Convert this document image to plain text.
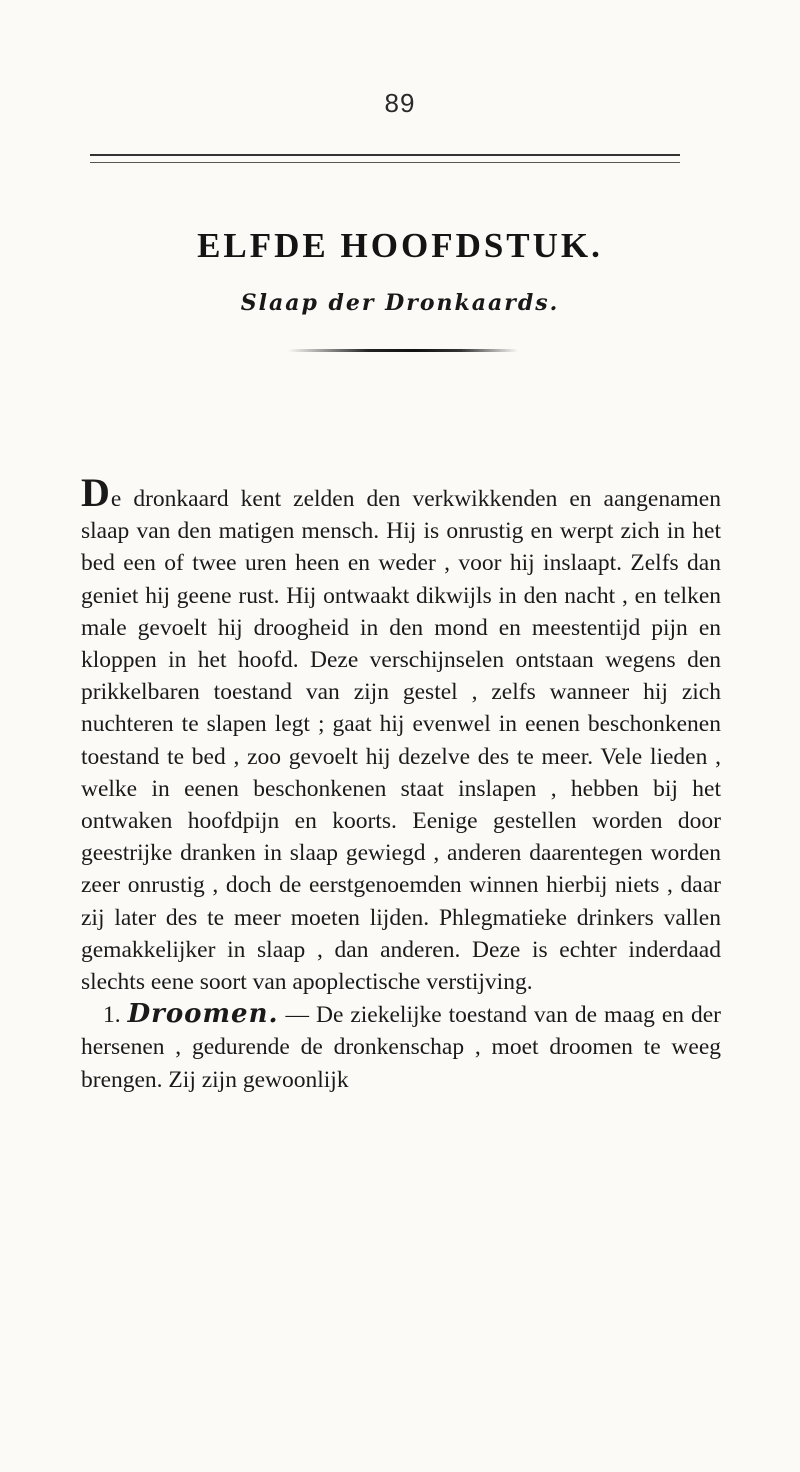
89
ELFDE HOOFDSTUK.
Slaap der Dronkaards.

De dronkaard kent zelden den verkwikkenden en aangenamen slaap van den matigen mensch. Hij is onrustig en werpt zich in het bed een of twee uren heen en weder , voor hij inslaapt. Zelfs dan geniet hij geene rust. Hij ontwaakt dikwijls in den nacht , en telken male gevoelt hij droogheid in den mond en meestentijd pijn en kloppen in het hoofd. Deze verschijnselen ontstaan wegens den prikkelbaren toestand van zijn gestel , zelfs wanneer hij zich nuchteren te slapen legt ; gaat hij evenwel in eenen beschonkenen toestand te bed , zoo gevoelt hij dezelve des te meer. Vele lieden , welke in eenen beschonkenen staat inslapen , hebben bij het ontwaken hoofdpijn en koorts. Eenige gestellen worden door geestrijke dranken in slaap gewiegd , anderen daarentegen worden zeer onrustig , doch de eerstgenoemden winnen hierbij niets , daar zij later des te meer moeten lijden. Phlegmatieke drinkers vallen gemakkelijker in slaap , dan anderen. Deze is echter inderdaad slechts eene soort van apoplectische verstijving.

1. Droomen. — De ziekelijke toestand van de maag en der hersenen , gedurende de dronkenschap , moet droomen te weeg brengen. Zij zijn gewoonlijk
